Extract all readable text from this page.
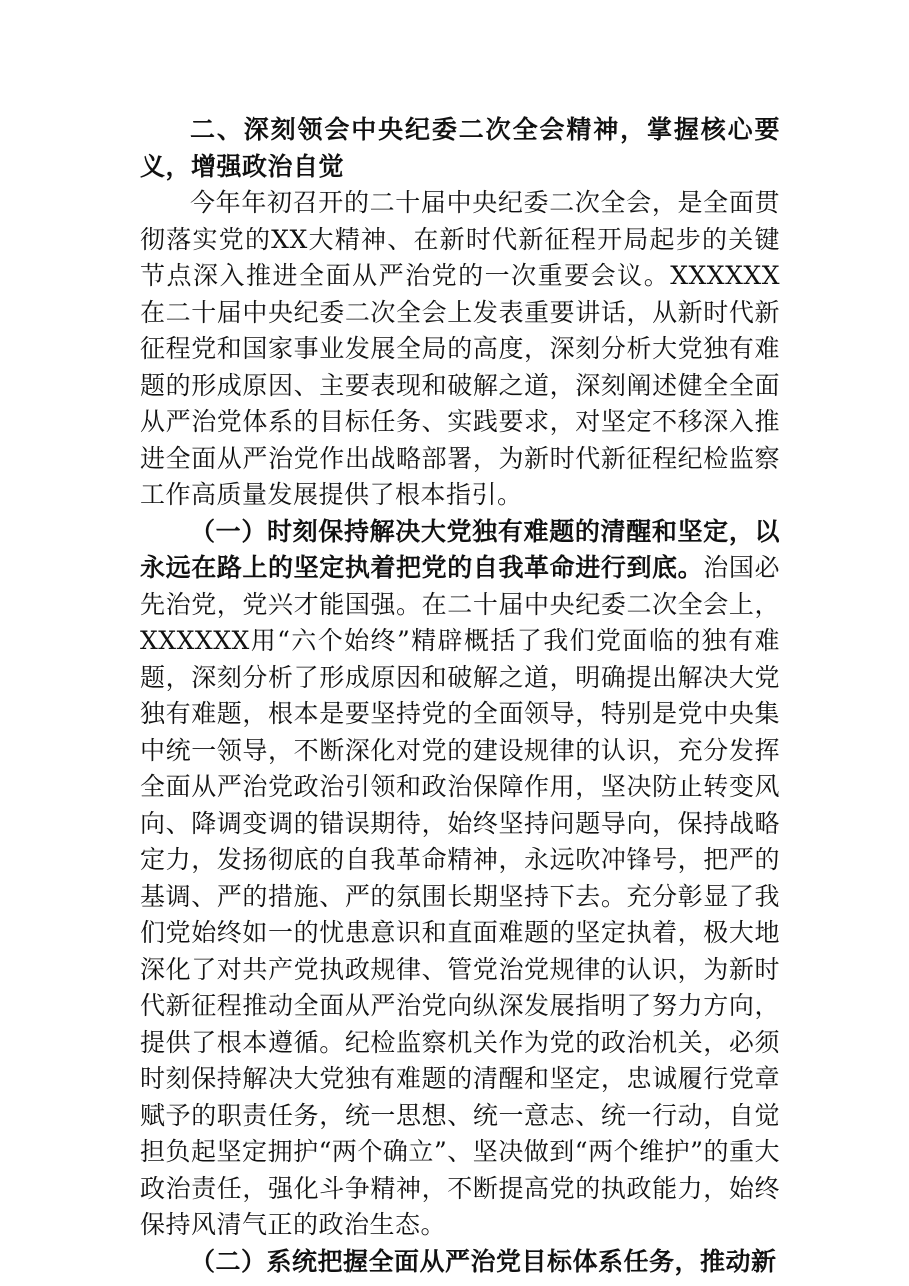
二、深刻领会中央纪委二次全会精神，掌握核心要义，增强政治自觉

今年年初召开的二十届中央纪委二次全会，是全面贯彻落实党的XX大精神、在新时代新征程开局起步的关键节点深入推进全面从严治党的一次重要会议。XXXXXX在二十届中央纪委二次全会上发表重要讲话，从新时代新征程党和国家事业发展全局的高度，深刻分析大党独有难题的形成原因、主要表现和破解之道，深刻阐述健全全面从严治党体系的目标任务、实践要求，对坚定不移深入推进全面从严治党作出战略部署，为新时代新征程纪检监察工作高质量发展提供了根本指引。

（一）时刻保持解决大党独有难题的清醒和坚定，以永远在路上的坚定执着把党的自我革命进行到底。治国必先治党，党兴才能国强。在二十届中央纪委二次全会上，XXXXXX用“六个始终”精辟概括了我们党面临的独有难题，深刻分析了形成原因和破解之道，明确提出解决大党独有难题，根本是要坚持党的全面领导，特别是党中央集中统一领导，不断深化对党的建设规律的认识，充分发挥全面从严治党政治引领和政治保障作用，坚决防止转变风向、降调变调的错误期待，始终坚持问题导向，保持战略定力，发扬彻底的自我革命精神，永远吹冲锋号，把严的基调、严的措施、严的氛围长期坚持下去。充分彰显了我们党始终如一的忧患意识和直面难题的坚定执着，极大地深化了对共产党执政规律、管党治党规律的认识，为新时代新征程推动全面从严治党向纵深发展指明了努力方向，提供了根本遵循。纪检监察机关作为党的政治机关，必须时刻保持解决大党独有难题的清醒和坚定，忠诚履行党章赋予的职责任务，统一思想、统一意志、统一行动，自觉担负起坚定拥护“两个确立”、坚决做到“两个维护”的重大政治责任，强化斗争精神，不断提高党的执政能力，始终保持风清气正的政治生态。

（二）系统把握全面从严治党目标体系任务，推动新
